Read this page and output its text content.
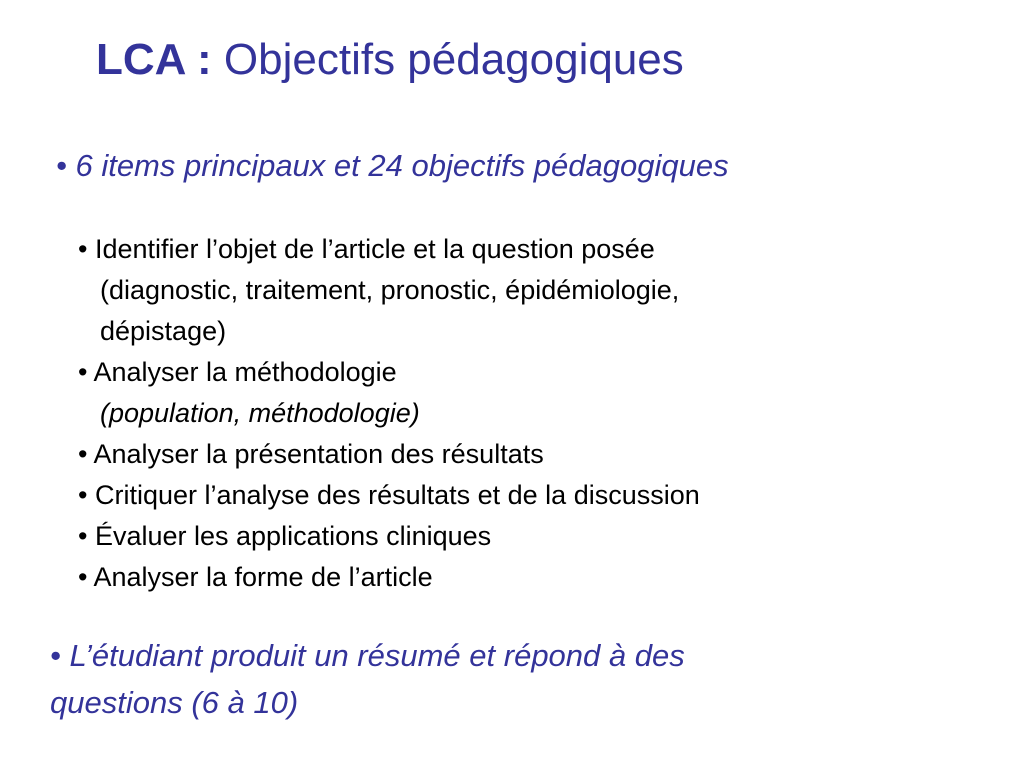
LCA : Objectifs pédagogiques
• 6 items principaux et 24 objectifs pédagogiques
• Identifier l’objet de l’article et la question posée
(diagnostic, traitement, pronostic, épidémiologie,
dépistage)
• Analyser la méthodologie
(population, méthodologie)
• Analyser la présentation des résultats
• Critiquer l’analyse des résultats et de la discussion
• Évaluer les applications cliniques
• Analyser la forme de l’article
• L’étudiant produit un résumé et répond à des
questions (6 à 10)
